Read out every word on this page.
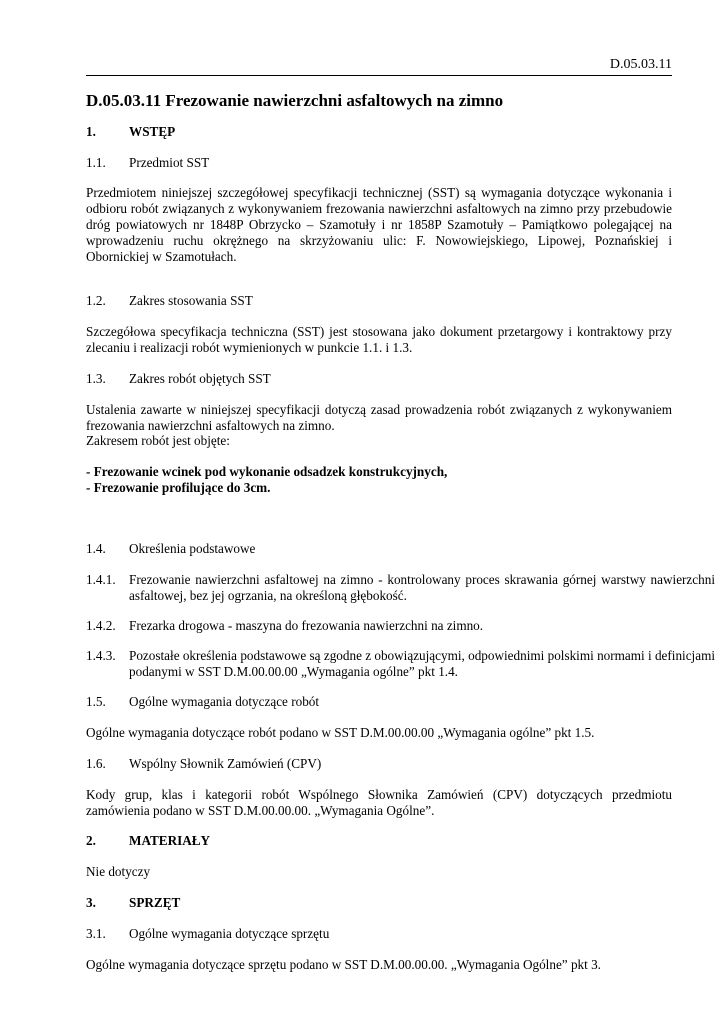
D.05.03.11
D.05.03.11 Frezowanie nawierzchni asfaltowych na zimno
1.	WSTĘP
1.1. Przedmiot SST
Przedmiotem niniejszej szczegółowej specyfikacji technicznej (SST) są wymagania dotyczące wykonania i odbioru robót związanych z wykonywaniem frezowania nawierzchni asfaltowych na zimno przy przebudowie dróg powiatowych nr 1848P Obrzycko – Szamotuły i nr 1858P Szamotuły – Pamiątkowo polegającej na wprowadzeniu ruchu okrężnego na skrzyżowaniu ulic: F. Nowowiejskiego, Lipowej, Poznańskiej i Obornickiej w Szamotułach.
1.2. Zakres stosowania SST
Szczegółowa specyfikacja techniczna (SST) jest stosowana jako dokument przetargowy i kontraktowy przy zlecaniu i realizacji robót wymienionych w punkcie 1.1. i 1.3.
1.3. Zakres robót objętych SST
Ustalenia zawarte w niniejszej specyfikacji dotyczą zasad prowadzenia robót związanych z wykonywaniem frezowania nawierzchni asfaltowych na zimno.
Zakresem robót jest objęte:
- Frezowanie wcinek pod wykonanie odsadzek konstrukcyjnych,
- Frezowanie profilujące do 3cm.
1.4. Określenia podstawowe
1.4.1. Frezowanie nawierzchni asfaltowej na zimno - kontrolowany proces skrawania górnej warstwy nawierzchni asfaltowej, bez jej ogrzania, na określoną głębokość.
1.4.2. Frezarka drogowa - maszyna do frezowania nawierzchni na zimno.
1.4.3. Pozostałe określenia podstawowe są zgodne z obowiązującymi, odpowiednimi polskimi normami i definicjami podanymi w SST D.M.00.00.00 „Wymagania ogólne” pkt 1.4.
1.5. Ogólne wymagania dotyczące robót
Ogólne wymagania dotyczące robót podano w SST D.M.00.00.00 „Wymagania ogólne” pkt 1.5.
1.6. Wspólny Słownik Zamówień (CPV)
Kody grup, klas i kategorii robót Wspólnego Słownika Zamówień (CPV) dotyczących przedmiotu zamówienia podano w SST D.M.00.00.00. „Wymagania Ogólne”.
2.	MATERIAŁY
Nie dotyczy
3.	SPRZĘT
3.1. Ogólne wymagania dotyczące sprzętu
Ogólne wymagania dotyczące sprzętu podano w SST D.M.00.00.00. „Wymagania Ogólne” pkt 3.
